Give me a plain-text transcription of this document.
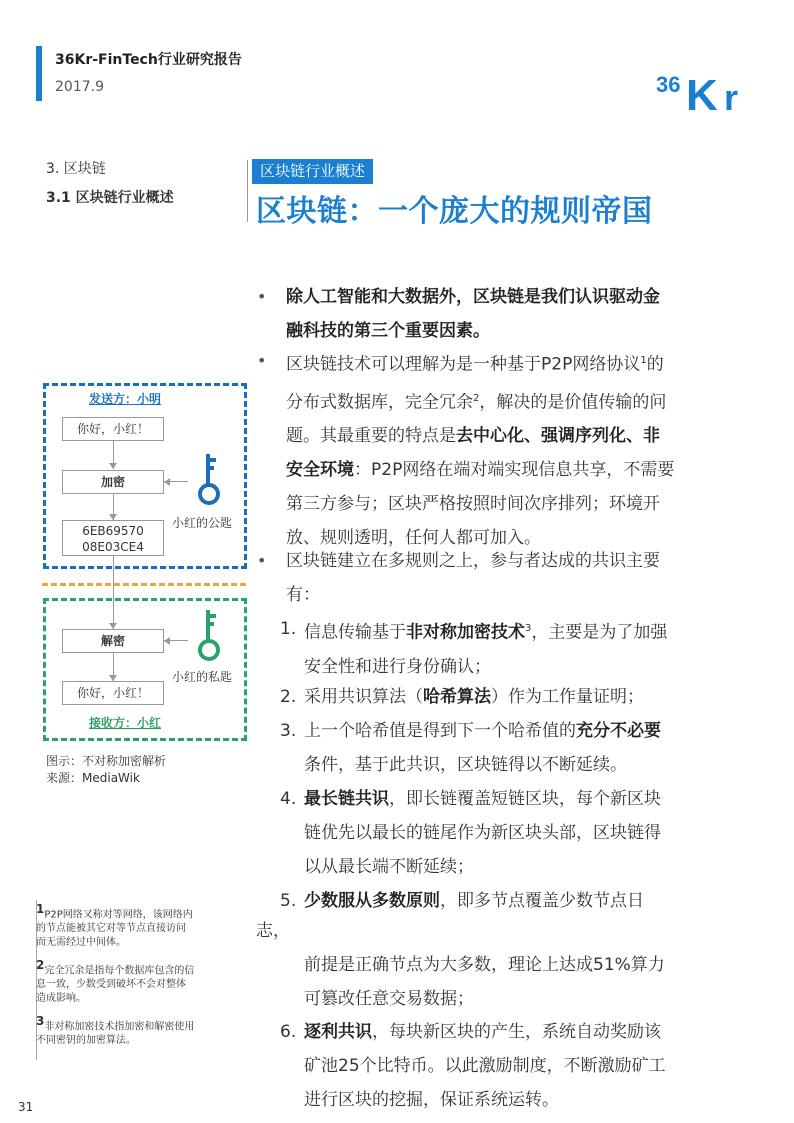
36Kr-FinTech行业研究报告
2017.9	36 K r
3. 区块链
3.1 区块链行业概述
区块链行业概述
区块链：一个庞大的规则帝国
• 除人工智能和大数据外，区块链是我们认识驱动金
融科技的第三个重要因素。
• 区块链技术可以理解为是一种基于P2P网络协议$^1$的
分布式数据库，完全冗余$^2$，解决的是价值传输的问
题。其最重要的特点是去中心化、强调序列化、非
安全环境：P2P网络在端对端实现信息共享，不需要
第三方参与；区块严格按照时间次序排列；环境开
放、规则透明，任何人都可加入。
• 区块链建立在多规则之上，参与者达成的共识主要
有：
1. 信息传输基于非对称加密技术$^3$，主要是为了加强
安全性和进行身份确认；
2. 采用共识算法（哈希算法）作为工作量证明；
3. 上一个哈希值是得到下一个哈希值的充分不必要
条件，基于此共识，区块链得以不断延续。
4. 最长链共识，即长链覆盖短链区块，每个新区块
链优先以最长的链尾作为新区块头部，区块链得
以从最长端不断延续；
5. 少数服从多数原则，即多节点覆盖少数节点日
志，
前提是正确节点为大多数，理论上达成51%算力
可篡改任意交易数据；
6. 逐利共识，每块新区块的产生，系统自动奖励该
矿池25个比特币。以此激励制度，不断激励矿工
进行区块的挖掘，保证系统运转。
发送方：小明
接收方：小红
你好，小红！
加密
6EB69570
08E03CE4
小红的公匙
解密
小红的私匙
你好，小红！
图示：不对称加密解析
来源：MediaWik
$^1$P2P网络又称对等网络，该网络内
的节点能被其它对等节点直接访问
而无需经过中间体。
$^2$完全冗余是指每个数据库包含的信
息一致，少数受到破坏不会对整体
造成影响。
$^3$非对称加密技术指加密和解密使用
不同密钥的加密算法。
31
